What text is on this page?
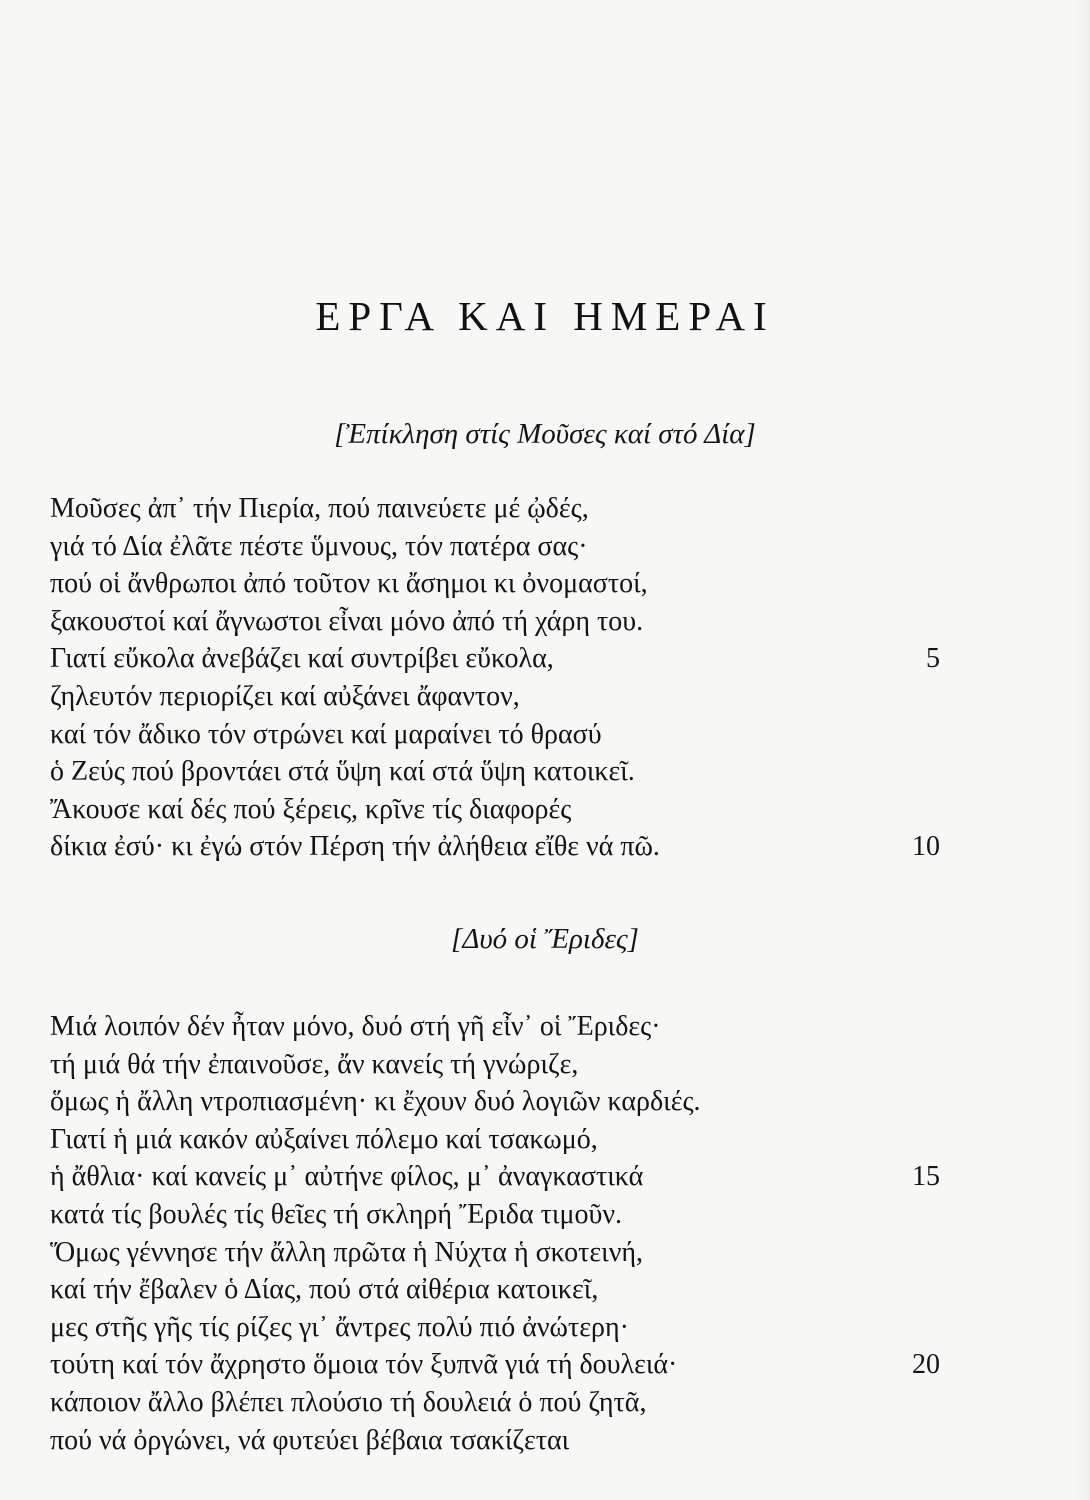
ΕΡΓΑ ΚΑΙ ΗΜΕΡΑΙ
[Ἐπίκληση στίς Μοῦσες καί στό Δία]
Μοῦσες ἀπ᾽ τήν Πιερία, πού παινεύετε μέ ᾠδές,
γιά τό Δία ἐλᾶτε πέστε ὕμνους, τόν πατέρα σας·
πού οἱ ἄνθρωποι ἀπό τοῦτον κι ἄσημοι κι ὀνομαστοί,
ξακουστοί καί ἄγνωστοι εἶναι μόνο ἀπό τή χάρη του.
Γιατί εὔκολα ἀνεβάζει καί συντρίβει εὔκολα,	5
ζηλευτόν περιορίζει καί αὐξάνει ἄφαντον,
καί τόν ἄδικο τόν στρώνει καί μαραίνει τό θρασύ
ὁ Ζεύς πού βροντάει στά ὕψη καί στά ὕψη κατοικεῖ.
Ἄκουσε καί δές πού ξέρεις, κρῖνε τίς διαφορές
δίκια ἐσύ· κι ἐγώ στόν Πέρση τήν ἀλήθεια εἴθε νά πῶ.	10
[Δυό οἱ Ἔριδες]
Μιά λοιπόν δέν ἦταν μόνο, δυό στή γῆ εἶν᾽ οἱ Ἔριδες·
τή μιά θά τήν ἐπαινοῦσε, ἄν κανείς τή γνώριζε,
ὅμως ἡ ἄλλη ντροπιασμένη· κι ἔχουν δυό λογιῶν καρδιές.
Γιατί ἡ μιά κακόν αὐξαίνει πόλεμο καί τσακωμό,
ἡ ἄθλια· καί κανείς μ᾽ αὐτήνε φίλος, μ᾽ ἀναγκαστικά	15
κατά τίς βουλές τίς θεῖες τή σκληρή Ἔριδα τιμοῦν.
Ὅμως γέννησε τήν ἄλλη πρῶτα ἡ Νύχτα ἡ σκοτεινή,
καί τήν ἔβαλεν ὁ Δίας, πού στά αἰθέρια κατοικεῖ,
μες στῆς γῆς τίς ρίζες γι᾽ ἄντρες πολύ πιό ἀνώτερη·
τούτη καί τόν ἄχρηστο ὅμοια τόν ξυπνᾶ γιά τή δουλειά·	20
κάποιον ἄλλο βλέπει πλούσιο τή δουλειά ὁ πού ζητᾶ,
πού νά ὀργώνει, νά φυτεύει βέβαια τσακίζεται
